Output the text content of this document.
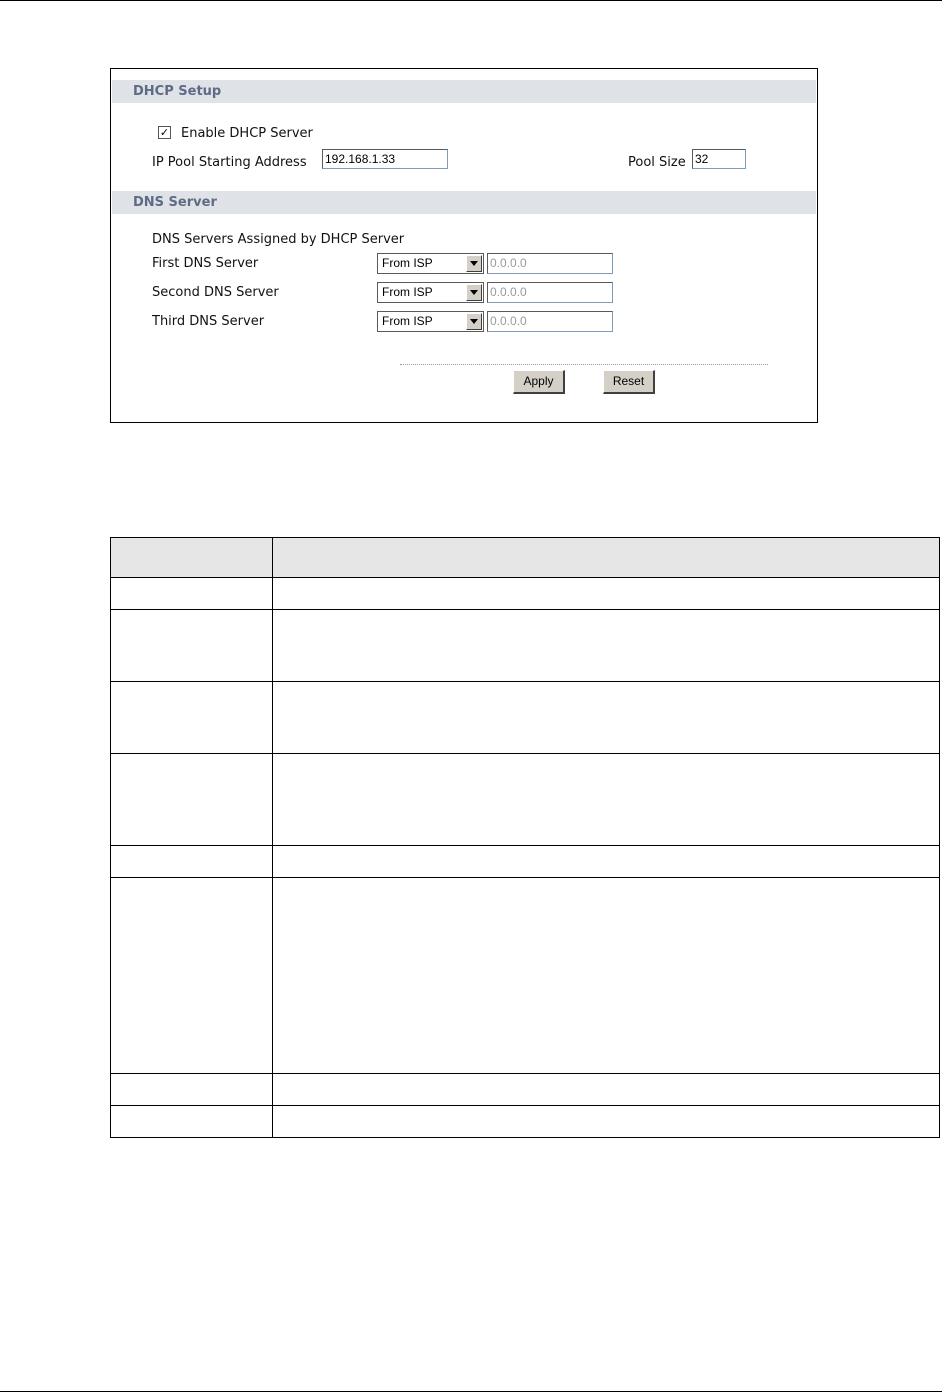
DHCP Setup
✓ Enable DHCP Server
IP Pool Starting Address 192.168.1.33	Pool Size 32
DNS Server
DNS Servers Assigned by DHCP Server
First DNS Server	From ISP	0.0.0.0
Second DNS Server	From ISP	0.0.0.0
Third DNS Server	From ISP	0.0.0.0
Apply	Reset
